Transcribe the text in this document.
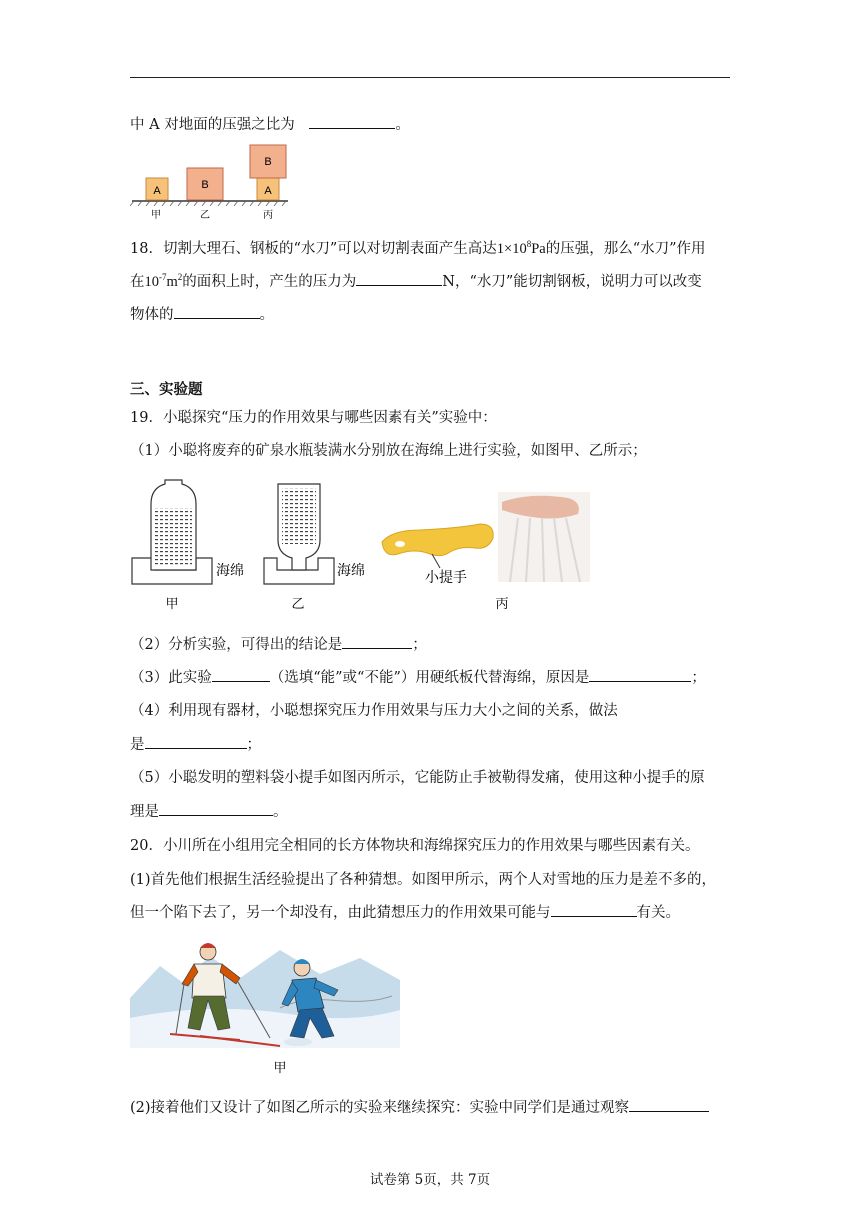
中 A 对地面的压强之比为	。
A	B	A
B
甲	乙	丙
18．切割大理石、钢板的“水刀”可以对切割表面产生高达$1\times 10^8Pa$的压强，那么“水刀”作用
在$10^{-7}m^2$的面积上时，产生的压力为	N，“水刀”能切割钢板，说明力可以改变
物体的	。
三、实验题
19．小聪探究“压力的作用效果与哪些因素有关”实验中：
（1）小聪将废弃的矿泉水瓶装满水分别放在海绵上进行实验，如图甲、乙所示；
海绵
甲
海绵
乙
小提手
丙
（2）分析实验，可得出的结论是	；
（3）此实验	（选填“能”或“不能”）用硬纸板代替海绵，原因是	；
（4）利用现有器材，小聪想探究压力作用效果与压力大小之间的关系，做法
是	；
（5）小聪发明的塑料袋小提手如图丙所示，它能防止手被勒得发痛，使用这种小提手的原
理是	。
20．小川所在小组用完全相同的长方体物块和海绵探究压力的作用效果与哪些因素有关。
(1)首先他们根据生活经验提出了各种猜想。如图甲所示，两个人对雪地的压力是差不多的，
但一个陷下去了，另一个却没有，由此猜想压力的作用效果可能与	有关。
甲
(2)接着他们又设计了如图乙所示的实验来继续探究：实验中同学们是通过观察
试卷第 5页，共 7页
